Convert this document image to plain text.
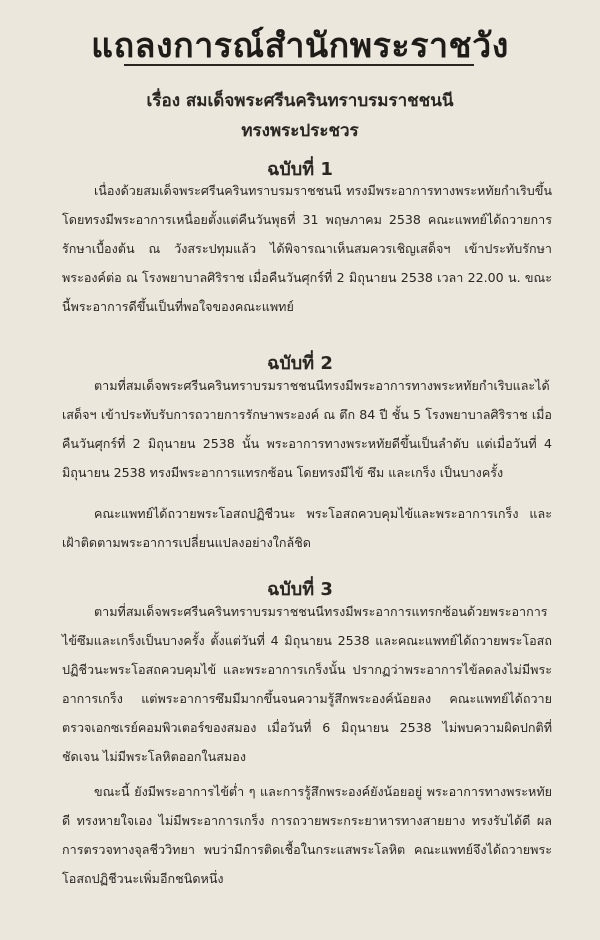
แถลงการณ์สำนักพระราชวัง
เรื่อง สมเด็จพระศรีนครินทราบรมราชชนนี
ทรงพระประชวร
ฉบับที่ 1

เนื่องด้วยสมเด็จพระศรีนครินทราบรมราชชนนี ทรงมีพระอาการทางพระหทัยกำเริบขึ้นโดยทรงมีพระอาการเหนื่อยตั้งแต่คืนวันพุธที่ 31 พฤษภาคม 2538 คณะแพทย์ได้ถวายการรักษาเบื้องต้น ณ วังสระปทุมแล้ว ได้พิจารณาเห็นสมควรเชิญเสด็จฯ เข้าประทับรักษาพระองค์ต่อ ณ โรงพยาบาลศิริราช เมื่อคืนวันศุกร์ที่ 2 มิถุนายน 2538 เวลา 22.00 น. ขณะนี้พระอาการดีขึ้นเป็นที่พอใจของคณะแพทย์

ฉบับที่ 2

ตามที่สมเด็จพระศรีนครินทราบรมราชชนนีทรงมีพระอาการทางพระหทัยกำเริบและได้เสด็จฯ เข้าประทับรับการถวายการรักษาพระองค์ ณ ตึก 84 ปี ชั้น 5 โรงพยาบาลศิริราช เมื่อคืนวันศุกร์ที่ 2 มิถุนายน 2538 นั้น พระอาการทางพระหทัยดีขึ้นเป็นลำดับ แต่เมื่อวันที่ 4 มิถุนายน 2538 ทรงมีพระอาการแทรกซ้อน โดยทรงมีไข้ ซึม และเกร็ง เป็นบางครั้ง

คณะแพทย์ได้ถวายพระโอสถปฏิชีวนะ พระโอสถควบคุมไข้และพระอาการเกร็ง และเฝ้าติดตามพระอาการเปลี่ยนแปลงอย่างใกล้ชิด

ฉบับที่ 3

ตามที่สมเด็จพระศรีนครินทราบรมราชชนนีทรงมีพระอาการแทรกซ้อนด้วยพระอาการไข้ซึมและเกร็งเป็นบางครั้ง ตั้งแต่วันที่ 4 มิถุนายน 2538 และคณะแพทย์ได้ถวายพระโอสถปฏิชีวนะพระโอสถควบคุมไข้ และพระอาการเกร็งนั้น ปรากฏว่าพระอาการไข้ลดลงไม่มีพระอาการเกร็ง แต่พระอาการซึมมีมากขึ้นจนความรู้สึกพระองค์น้อยลง คณะแพทย์ได้ถวายตรวจเอกซเรย์คอมพิวเตอร์ของสมอง เมื่อวันที่ 6 มิถุนายน 2538 ไม่พบความผิดปกติที่ชัดเจน ไม่มีพระโลหิตออกในสมอง

ขณะนี้ ยังมีพระอาการไข้ต่ำ ๆ และการรู้สึกพระองค์ยังน้อยอยู่ พระอาการทางพระหทัยดี ทรงหายใจเอง ไม่มีพระอาการเกร็ง การถวายพระกระยาหารทางสายยาง ทรงรับได้ดี ผลการตรวจทางจุลชีววิทยา พบว่ามีการติดเชื้อในกระแสพระโลหิต คณะแพทย์จึงได้ถวายพระโอสถปฏิชีวนะเพิ่มอีกชนิดหนึ่ง
